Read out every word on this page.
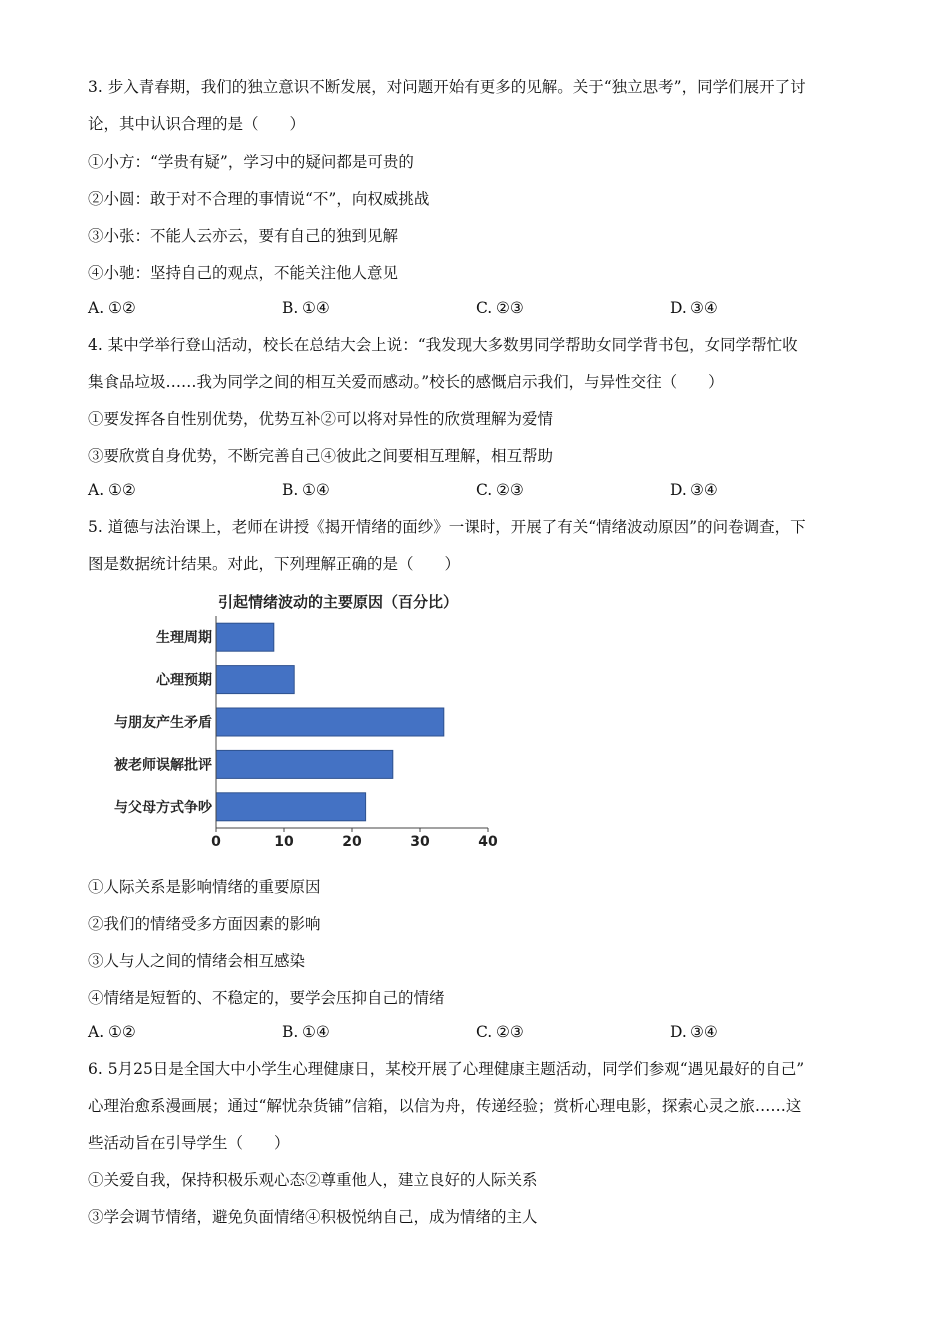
3. 步入青春期，我们的独立意识不断发展，对问题开始有更多的见解。关于“独立思考”，同学们展开了讨
论，其中认识合理的是（　　）
①小方：“学贵有疑”，学习中的疑问都是可贵的
②小圆：敢于对不合理的事情说“不”，向权威挑战
③小张：不能人云亦云，要有自己的独到见解
④小驰：坚持自己的观点，不能关注他人意见
A. ①②	B. ①④	C. ②③	D. ③④
4. 某中学举行登山活动，校长在总结大会上说：“我发现大多数男同学帮助女同学背书包，女同学帮忙收
集食品垃圾……我为同学之间的相互关爱而感动。”校长的感慨启示我们，与异性交往（　　）
①要发挥各自性别优势，优势互补②可以将对异性的欣赏理解为爱情
③要欣赏自身优势，不断完善自己④彼此之间要相互理解，相互帮助
A. ①②	B. ①④	C. ②③	D. ③④
5. 道德与法治课上，老师在讲授《揭开情绪的面纱》一课时，开展了有关“情绪波动原因”的问卷调查，下
图是数据统计结果。对此，下列理解正确的是（　　）
引起情绪波动的主要原因（百分比）
生理周期
心理预期
与朋友产生矛盾
被老师误解批评
与父母方式争吵
0	10	20	30	40
①人际关系是影响情绪的重要原因
②我们的情绪受多方面因素的影响
③人与人之间的情绪会相互感染
④情绪是短暂的、不稳定的，要学会压抑自己的情绪
A. ①②	B. ①④	C. ②③	D. ③④
6. 5月25日是全国大中小学生心理健康日，某校开展了心理健康主题活动，同学们参观“遇见最好的自己”
心理治愈系漫画展；通过“解忧杂货铺”信箱，以信为舟，传递经验；赏析心理电影，探索心灵之旅……这
些活动旨在引导学生（　　）
①关爱自我，保持积极乐观心态②尊重他人，建立良好的人际关系
③学会调节情绪，避免负面情绪④积极悦纳自己，成为情绪的主人
